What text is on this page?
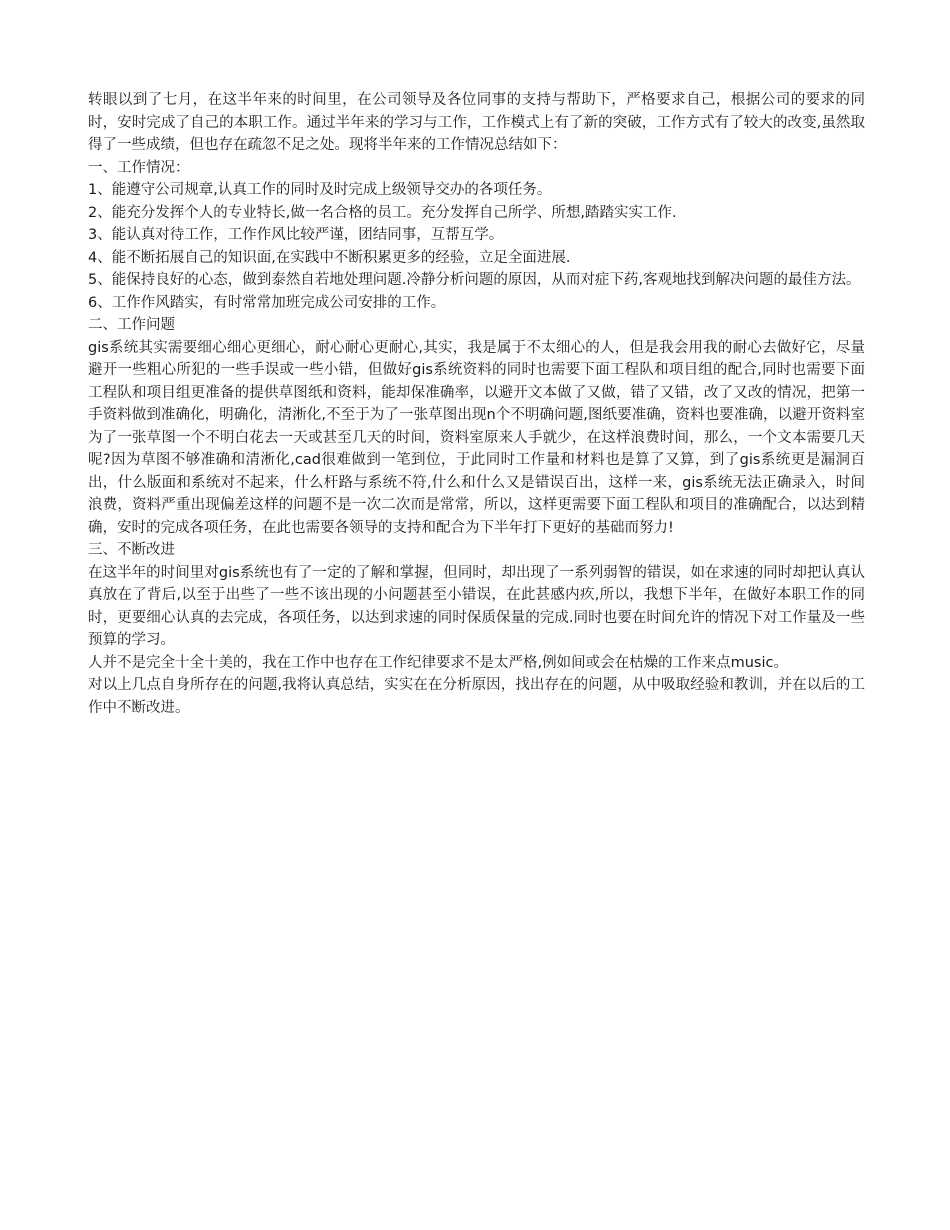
转眼以到了七月，在这半年来的时间里，在公司领导及各位同事的支持与帮助下，严格要求自己，根据公司的要求的同时，安时完成了自己的本职工作。通过半年来的学习与工作，工作模式上有了新的突破，工作方式有了较大的改变,虽然取得了一些成绩，但也存在疏忽不足之处。现将半年来的工作情况总结如下：

一、工作情况：

1、能遵守公司规章,认真工作的同时及时完成上级领导交办的各项任务。

2、能充分发挥个人的专业特长,做一名合格的员工。充分发挥自己所学、所想,踏踏实实工作.

3、能认真对待工作，工作作风比较严谨，团结同事，互帮互学。

4、能不断拓展自己的知识面,在实践中不断积累更多的经验，立足全面进展.

5、能保持良好的心态，做到泰然自若地处理问题.冷静分析问题的原因，从而对症下药,客观地找到解决问题的最佳方法。

6、工作作风踏实，有时常常加班完成公司安排的工作。

二、工作问题

gis系统其实需要细心细心更细心，耐心耐心更耐心,其实，我是属于不太细心的人，但是我会用我的耐心去做好它，尽量避开一些粗心所犯的一些手误或一些小错，但做好gis系统资料的同时也需要下面工程队和项目组的配合,同时也需要下面工程队和项目组更准备的提供草图纸和资料，能却保准确率，以避开文本做了又做，错了又错，改了又改的情况，把第一手资料做到准确化，明确化，清淅化,不至于为了一张草图出现n个不明确问题,图纸要准确，资料也要准确，以避开资料室为了一张草图一个不明白花去一天或甚至几天的时间，资料室原来人手就少，在这样浪费时间，那么，一个文本需要几天呢?因为草图不够准确和清淅化,cad很难做到一笔到位，于此同时工作量和材料也是算了又算，到了gis系统更是漏洞百出，什么版面和系统对不起来，什么杆路与系统不符,什么和什么又是错误百出，这样一来，gis系统无法正确录入，时间浪费，资料严重出现偏差这样的问题不是一次二次而是常常，所以，这样更需要下面工程队和项目的准确配合，以达到精确，安时的完成各项任务，在此也需要各领导的支持和配合为下半年打下更好的基础而努力!

三、不断改进

在这半年的时间里对gis系统也有了一定的了解和掌握，但同时，却出现了一系列弱智的错误，如在求速的同时却把认真认真放在了背后,以至于出些了一些不该出现的小问题甚至小错误，在此甚感内疚,所以，我想下半年，在做好本职工作的同时，更要细心认真的去完成，各项任务，以达到求速的同时保质保量的完成.同时也要在时间允许的情况下对工作量及一些预算的学习。

人并不是完全十全十美的，我在工作中也存在工作纪律要求不是太严格,例如间或会在枯燥的工作来点music。

对以上几点自身所存在的问题,我将认真总结，实实在在分析原因，找出存在的问题，从中吸取经验和教训，并在以后的工作中不断改进。
